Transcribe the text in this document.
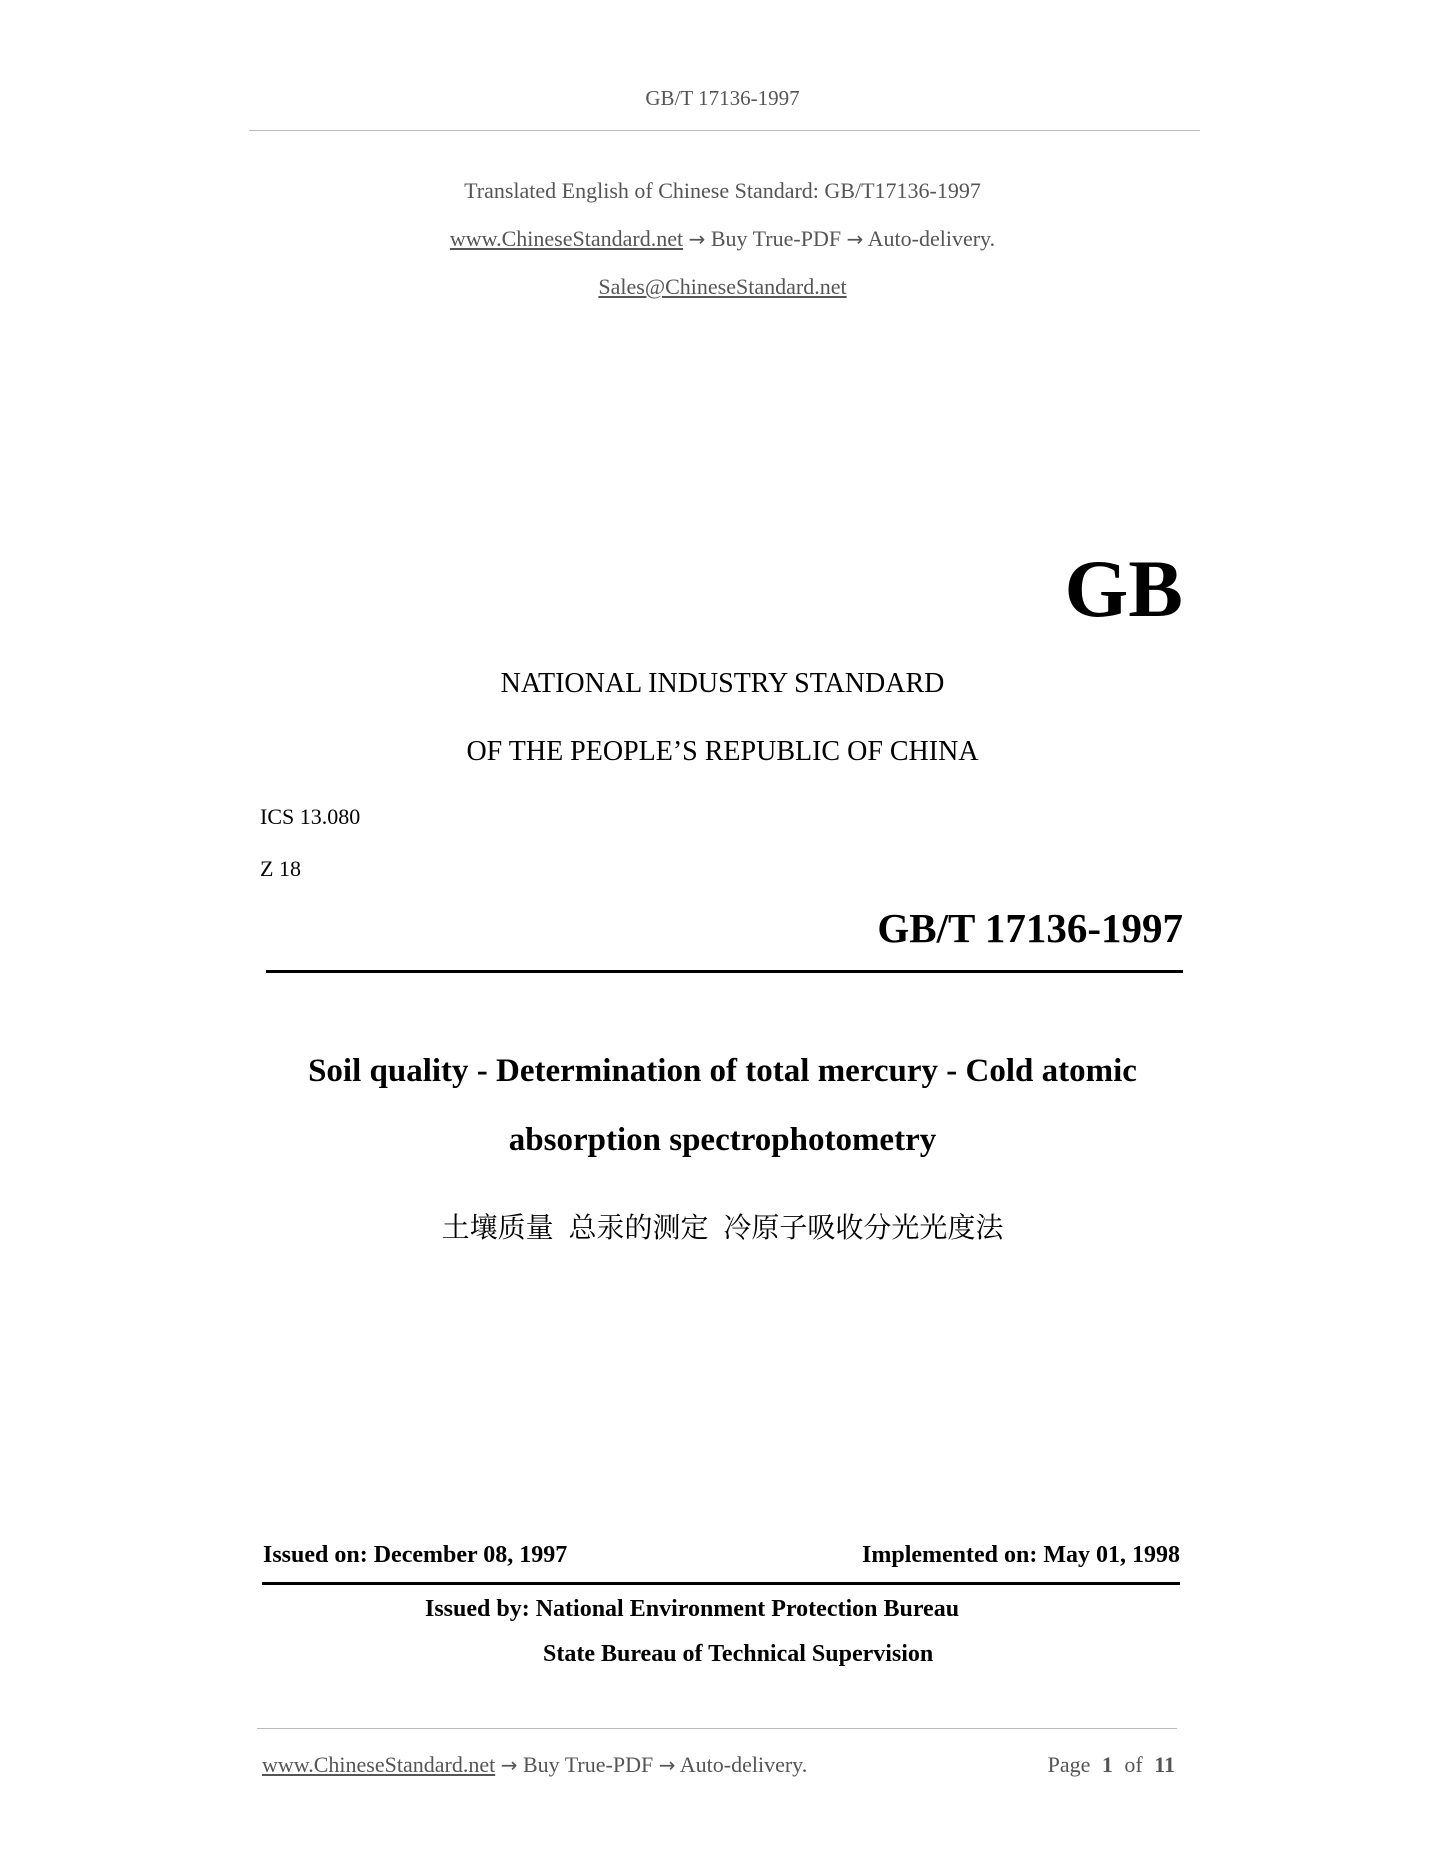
GB/T 17136-1997
Translated English of Chinese Standard: GB/T17136-1997
www.ChineseStandard.net → Buy True-PDF → Auto-delivery.
Sales@ChineseStandard.net
GB
NATIONAL INDUSTRY STANDARD
OF THE PEOPLE’S REPUBLIC OF CHINA
ICS 13.080
Z 18
GB/T 17136-1997
Soil quality - Determination of total mercury - Cold atomic
absorption spectrophotometry
土壤质量 总汞的测定 冷原子吸收分光光度法
Issued on: December 08, 1997	Implemented on: May 01, 1998
Issued by: National Environment Protection Bureau
State Bureau of Technical Supervision
www.ChineseStandard.net → Buy True-PDF → Auto-delivery.	Page 1 of 11
